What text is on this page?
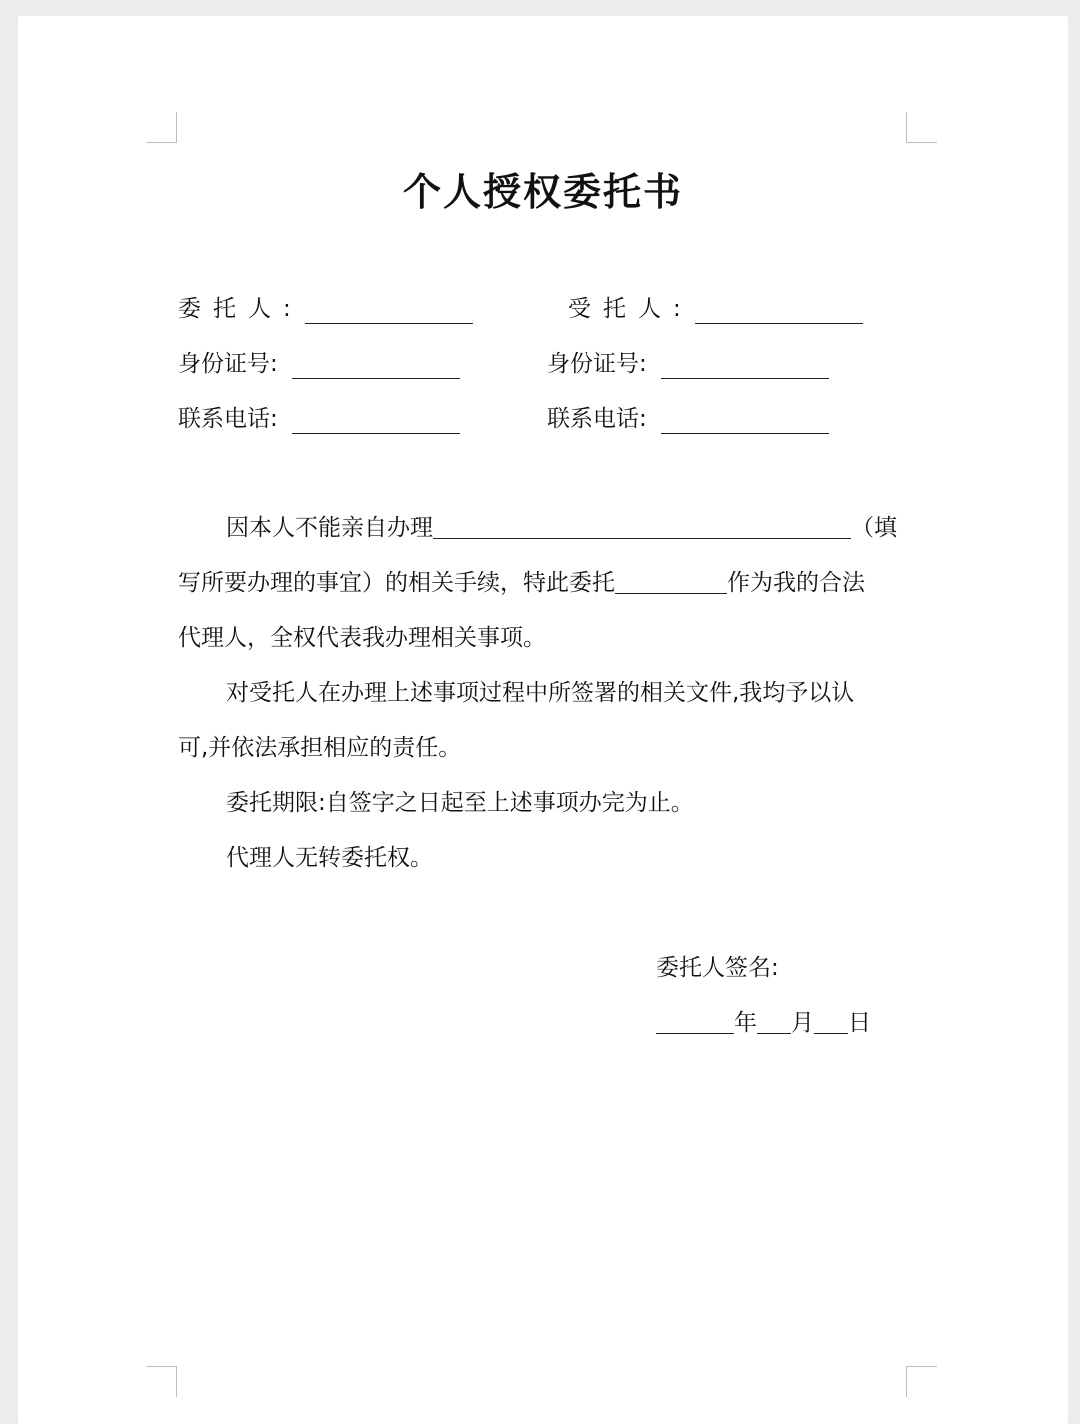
个人授权委托书
委托人 :	受托人 :
身份证号 :	身份证号 :
联系电话 :	联系电话 :
因本人不能亲自办理	（填
写所要办理的事宜）的相关手续，特此委托	作为我的合法
代理人，全权代表我办理相关事项。
对受托人在办理上述事项过程中所签署的相关文件,我均予以认
可,并依法承担相应的责任。
委托期限:自签字之日起至上述事项办完为止。
代理人无转委托权。
委托人签名:
年 月 日
